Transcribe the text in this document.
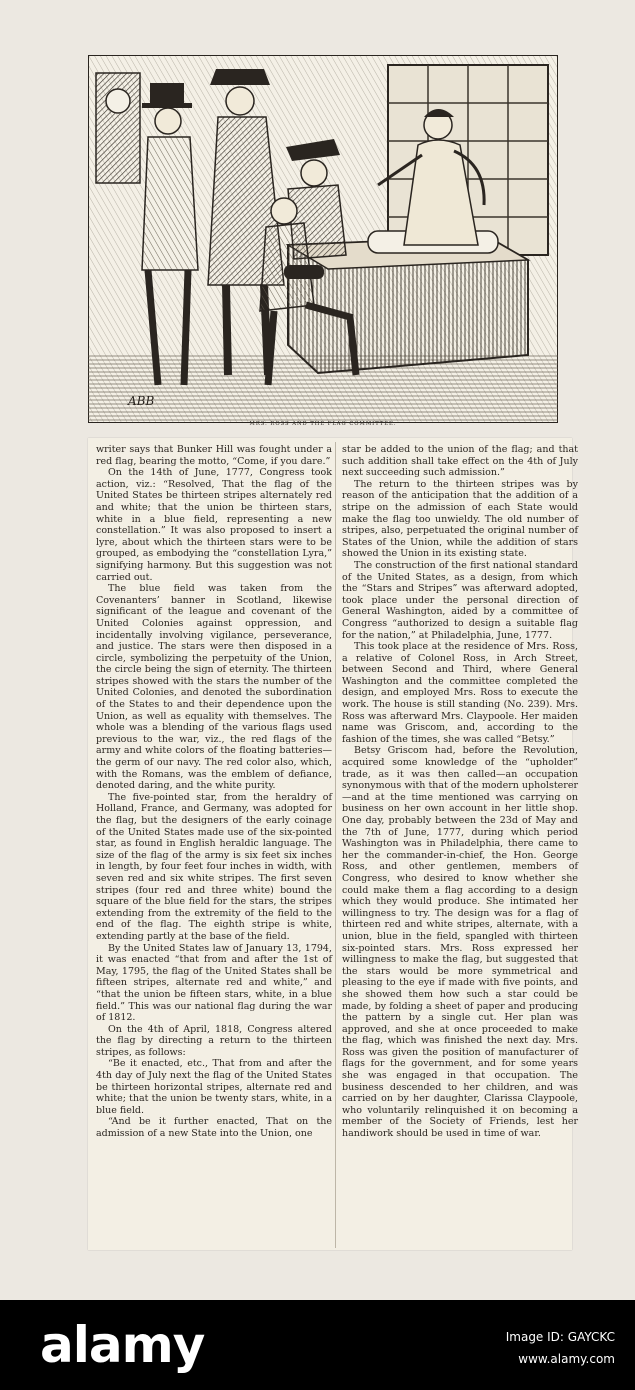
ABB
MRS. ROSS AND THE FLAG COMMITTEE.

writer says that Bunker Hill was fought under a red flag, bearing the motto, “Come, if you dare.”

On the 14th of June, 1777, Congress took action, viz.: “Resolved, That the flag of the United States be thirteen stripes alternately red and white; that the union be thirteen stars, white in a blue field, representing a new constellation.” It was also proposed to insert a lyre, about which the thirteen stars were to be grouped, as embodying the “constellation Lyra,” signifying harmony. But this suggestion was not carried out.

The blue field was taken from the Covenanters’ banner in Scotland, likewise significant of the league and covenant of the United Colonies against oppression, and incidentally involving vigilance, perseverance, and justice. The stars were then disposed in a circle, symbolizing the perpetuity of the Union, the circle being the sign of eternity. The thirteen stripes showed with the stars the number of the United Colonies, and denoted the subordination of the States to and their dependence upon the Union, as well as equality with themselves. The whole was a blending of the various flags used previous to the war, viz., the red flags of the army and white colors of the floating batteries—the germ of our navy. The red color also, which, with the Romans, was the emblem of defiance, denoted daring, and the white purity.

The five-pointed star, from the heraldry of Holland, France, and Germany, was adopted for the flag, but the designers of the early coinage of the United States made use of the six-pointed star, as found in English heraldic language. The size of the flag of the army is six feet six inches in length, by four feet four inches in width, with seven red and six white stripes. The first seven stripes (four red and three white) bound the square of the blue field for the stars, the stripes extending from the extremity of the field to the end of the flag. The eighth stripe is white, extending partly at the base of the field.

By the United States law of January 13, 1794, it was enacted “that from and after the 1st of May, 1795, the flag of the United States shall be fifteen stripes, alternate red and white,” and “that the union be fifteen stars, white, in a blue field.” This was our national flag during the war of 1812.

On the 4th of April, 1818, Congress altered the flag by directing a return to the thirteen stripes, as follows:

“Be it enacted, etc., That from and after the 4th day of July next the flag of the United States be thirteen horizontal stripes, alternate red and white; that the union be twenty stars, white, in a blue field.

“And be it further enacted, That on the admission of a new State into the Union, one

star be added to the union of the flag; and that such addition shall take effect on the 4th of July next succeeding such admission.”

The return to the thirteen stripes was by reason of the anticipation that the addition of a stripe on the admission of each State would make the flag too unwieldy. The old number of stripes, also, perpetuated the original number of States of the Union, while the addition of stars showed the Union in its existing state.

The construction of the first national standard of the United States, as a design, from which the “Stars and Stripes” was afterward adopted, took place under the personal direction of General Washington, aided by a committee of Congress “authorized to design a suitable flag for the nation,” at Philadelphia, June, 1777.

This took place at the residence of Mrs. Ross, a relative of Colonel Ross, in Arch Street, between Second and Third, where General Washington and the committee completed the design, and employed Mrs. Ross to execute the work. The house is still standing (No. 239). Mrs. Ross was afterward Mrs. Claypoole. Her maiden name was Griscom, and, according to the fashion of the times, she was called “Betsy.”

Betsy Griscom had, before the Revolution, acquired some knowledge of the “upholder” trade, as it was then called—an occupation synonymous with that of the modern upholsterer—and at the time mentioned was carrying on business on her own account in her little shop. One day, probably between the 23d of May and the 7th of June, 1777, during which period Washington was in Philadelphia, there came to her the commander-in-chief, the Hon. George Ross, and other gentlemen, members of Congress, who desired to know whether she could make them a flag according to a design which they would produce. She intimated her willingness to try. The design was for a flag of thirteen red and white stripes, alternate, with a union, blue in the field, spangled with thirteen six-pointed stars. Mrs. Ross expressed her willingness to make the flag, but suggested that the stars would be more symmetrical and pleasing to the eye if made with five points, and she showed them how such a star could be made, by folding a sheet of paper and producing the pattern by a single cut. Her plan was approved, and she at once proceeded to make the flag, which was finished the next day. Mrs. Ross was given the position of manufacturer of flags for the government, and for some years she was engaged in that occupation. The business descended to her children, and was carried on by her daughter, Clarissa Claypoole, who voluntarily relinquished it on becoming a member of the Society of Friends, lest her handiwork should be used in time of war.

alamy	Image ID: GAYCKC
www.alamy.com
